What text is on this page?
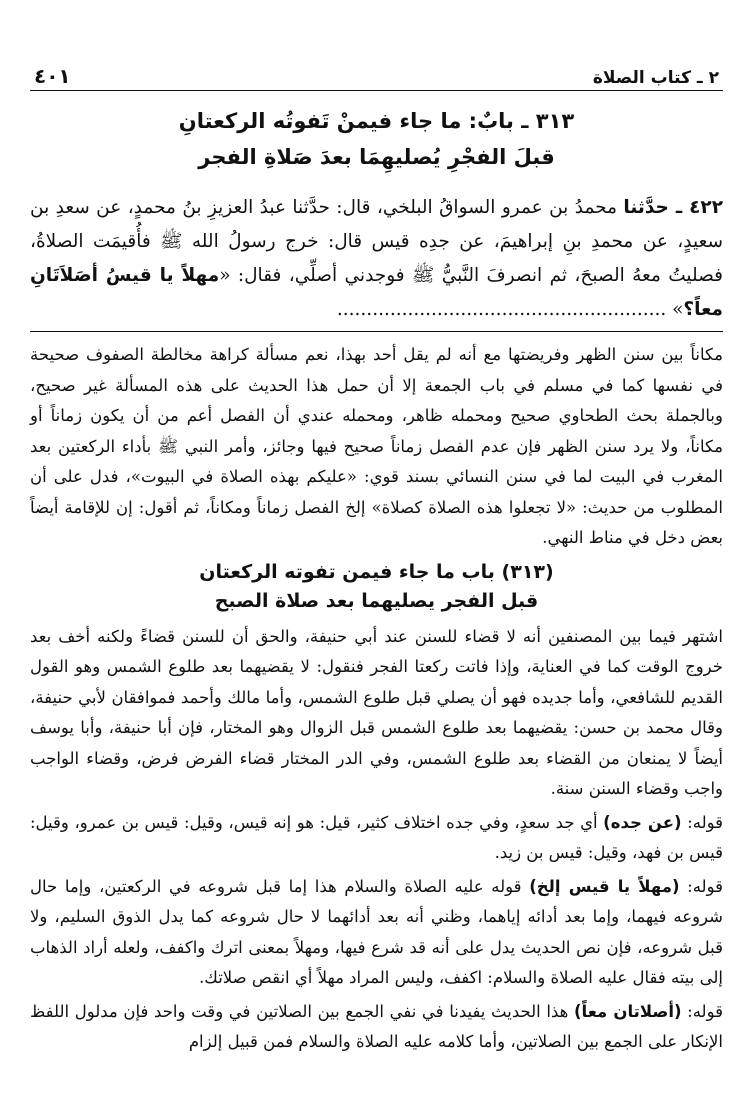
٢ ـ كتاب الصلاة
٤٠١
٣١٣ ـ بابٌ: ما جاء فيمنْ تَفوتُه الركعتانِ
قبلَ الفجْرِ يُصليهِمَا بعدَ صَلاةِ الفجر
٤٢٢ ـ حدَّثنا محمدُ بن عمرو السواقُ البلخي، قال: حدَّثنا عبدُ العزيزِ بنُ محمدٍ، عن سعدِ بن سعيدٍ، عن محمدِ بنِ إبراهيمَ، عن جدِه قيس قال: خرج رسولُ الله ﷺ فأُقيمَت الصلاةُ، فصليتُ معهُ الصبحَ، ثم انصرفَ النَّبيُّ ﷺ فوجدني أصلِّي، فقال: «مهلاً يا قيسُ أصَلاَتَانِ معاً؟» ........................................................

مكاناً بين سنن الظهر وفريضتها مع أنه لم يقل أحد بهذا، نعم مسألة كراهة مخالطة الصفوف صحيحة في نفسها كما في مسلم في باب الجمعة إلا أن حمل هذا الحديث على هذه المسألة غير صحيح، وبالجملة بحث الطحاوي صحيح ومحمله ظاهر، ومحمله عندي أن الفصل أعم من أن يكون زماناً أو مكاناً، ولا يرد سنن الظهر فإن عدم الفصل زماناً صحيح فيها وجائز، وأمر النبي ﷺ بأداء الركعتين بعد المغرب في البيت لما في سنن النسائي بسند قوي: «عليكم بهذه الصلاة في البيوت»، فدل على أن المطلوب من حديث: «لا تجعلوا هذه الصلاة كصلاة» إلخ الفصل زماناً ومكاناً، ثم أقول: إن للإقامة أيضاً بعض دخل في مناط النهي.

(٣١٣) باب ما جاء فيمن تفوته الركعتان
قبل الفجر يصليهما بعد صلاة الصبح

اشتهر فيما بين المصنفين أنه لا قضاء للسنن عند أبي حنيفة، والحق أن للسنن قضاءً ولكنه أخف بعد خروج الوقت كما في العناية، وإذا فاتت ركعتا الفجر فنقول: لا يقضيهما بعد طلوع الشمس وهو القول القديم للشافعي، وأما جديده فهو أن يصلي قبل طلوع الشمس، وأما مالك وأحمد فموافقان لأبي حنيفة، وقال محمد بن حسن: يقضيهما بعد طلوع الشمس قبل الزوال وهو المختار، فإن أبا حنيفة، وأبا يوسف أيضاً لا يمنعان من القضاء بعد طلوع الشمس، وفي الدر المختار قضاء الفرض فرض، وقضاء الواجب واجب وقضاء السنن سنة.

قوله: (عن جده) أي جد سعدٍ، وفي جده اختلاف كثير، قيل: هو إنه قيس، وقيل: قيس بن عمرو، وقيل: قيس بن فهد، وقيل: قيس بن زيد.

قوله: (مهلاً يا قيس إلخ) قوله عليه الصلاة والسلام هذا إما قبل شروعه في الركعتين، وإما حال شروعه فيهما، وإما بعد أدائه إياهما، وظني أنه بعد أدائهما لا حال شروعه كما يدل الذوق السليم، ولا قبل شروعه، فإن نص الحديث يدل على أنه قد شرع فيها، ومهلاً بمعنى اترك واكفف، ولعله أراد الذهاب إلى بيته فقال عليه الصلاة والسلام: اكفف، وليس المراد مهلاً أي انقص صلاتك.

قوله: (أصلاتان معاً) هذا الحديث يفيدنا في نفي الجمع بين الصلاتين في وقت واحد فإن مدلول اللفظ الإنكار على الجمع بين الصلاتين، وأما كلامه عليه الصلاة والسلام فمن قبيل إلزام
